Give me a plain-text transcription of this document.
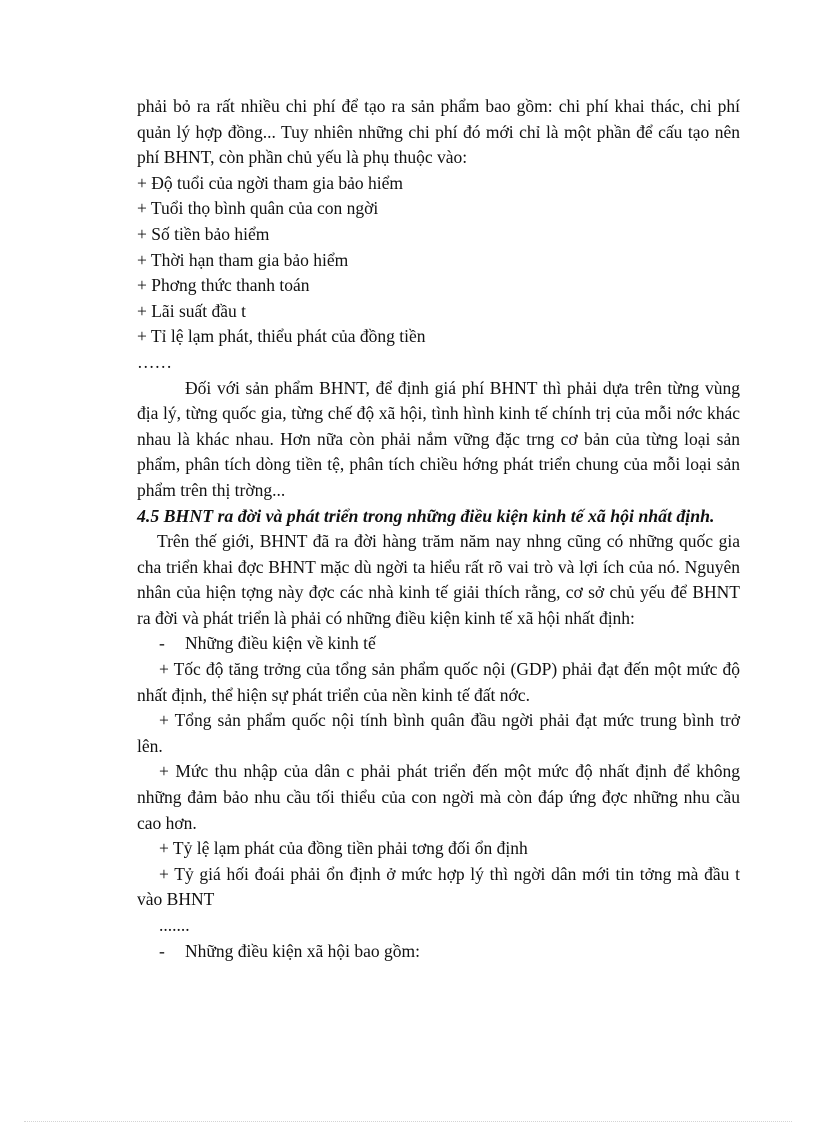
phải bỏ ra rất nhiều chi phí để tạo ra sản phẩm bao gồm: chi phí khai thác, chi phí quản lý hợp đồng... Tuy nhiên những chi phí đó mới chỉ là một phần để cấu tạo nên phí BHNT, còn phần chủ yếu là phụ thuộc vào:

+ Độ tuổi của ngời tham gia bảo hiểm

+ Tuổi thọ bình quân của con ngời

+ Số tiền bảo hiểm

+ Thời hạn tham gia bảo hiểm

+ Phơng thức thanh toán

+ Lãi suất đầu t

+ Tỉ lệ lạm phát, thiểu phát của đồng tiền

……

Đối với sản phẩm BHNT, để định giá phí BHNT thì phải dựa trên từng vùng địa lý, từng quốc gia, từng chế độ xã hội, tình hình kinh tế chính trị của mỗi nớc khác nhau là khác nhau. Hơn nữa còn phải nắm vững đặc trng cơ bản của từng loại sản phẩm, phân tích dòng tiền tệ, phân tích chiều hớng phát triển chung của mỗi loại sản phẩm trên thị trờng...

4.5 BHNT ra đời và phát triển trong những điều kiện kinh tế xã hội nhất định.

Trên thế giới, BHNT đã ra đời hàng trăm năm nay nhng cũng có những quốc gia cha triển khai đợc BHNT mặc dù ngời ta hiểu rất rõ vai trò và lợi ích của nó. Nguyên nhân của hiện tợng này đợc các nhà kinh tế giải thích rằng, cơ sở chủ yếu để BHNT ra đời và phát triển là phải có những điều kiện kinh tế xã hội nhất định:

- Những điều kiện về kinh tế

+ Tốc độ tăng trởng của tổng sản phẩm quốc nội (GDP) phải đạt đến một mức độ nhất định, thể hiện sự phát triển của nền kinh tế đất nớc.

+ Tổng sản phẩm quốc nội tính bình quân đầu ngời phải đạt mức trung bình trở lên.

+ Mức thu nhập của dân c phải phát triển đến một mức độ nhất định để không những đảm bảo nhu cầu tối thiểu của con ngời mà còn đáp ứng đợc những nhu cầu cao hơn.

+ Tỷ lệ lạm phát của đồng tiền phải tơng đối ổn định

+ Tỷ giá hối đoái phải ổn định ở mức hợp lý thì ngời dân mới tin tởng mà đầu t vào BHNT

.......

- Những điều kiện xã hội bao gồm:
